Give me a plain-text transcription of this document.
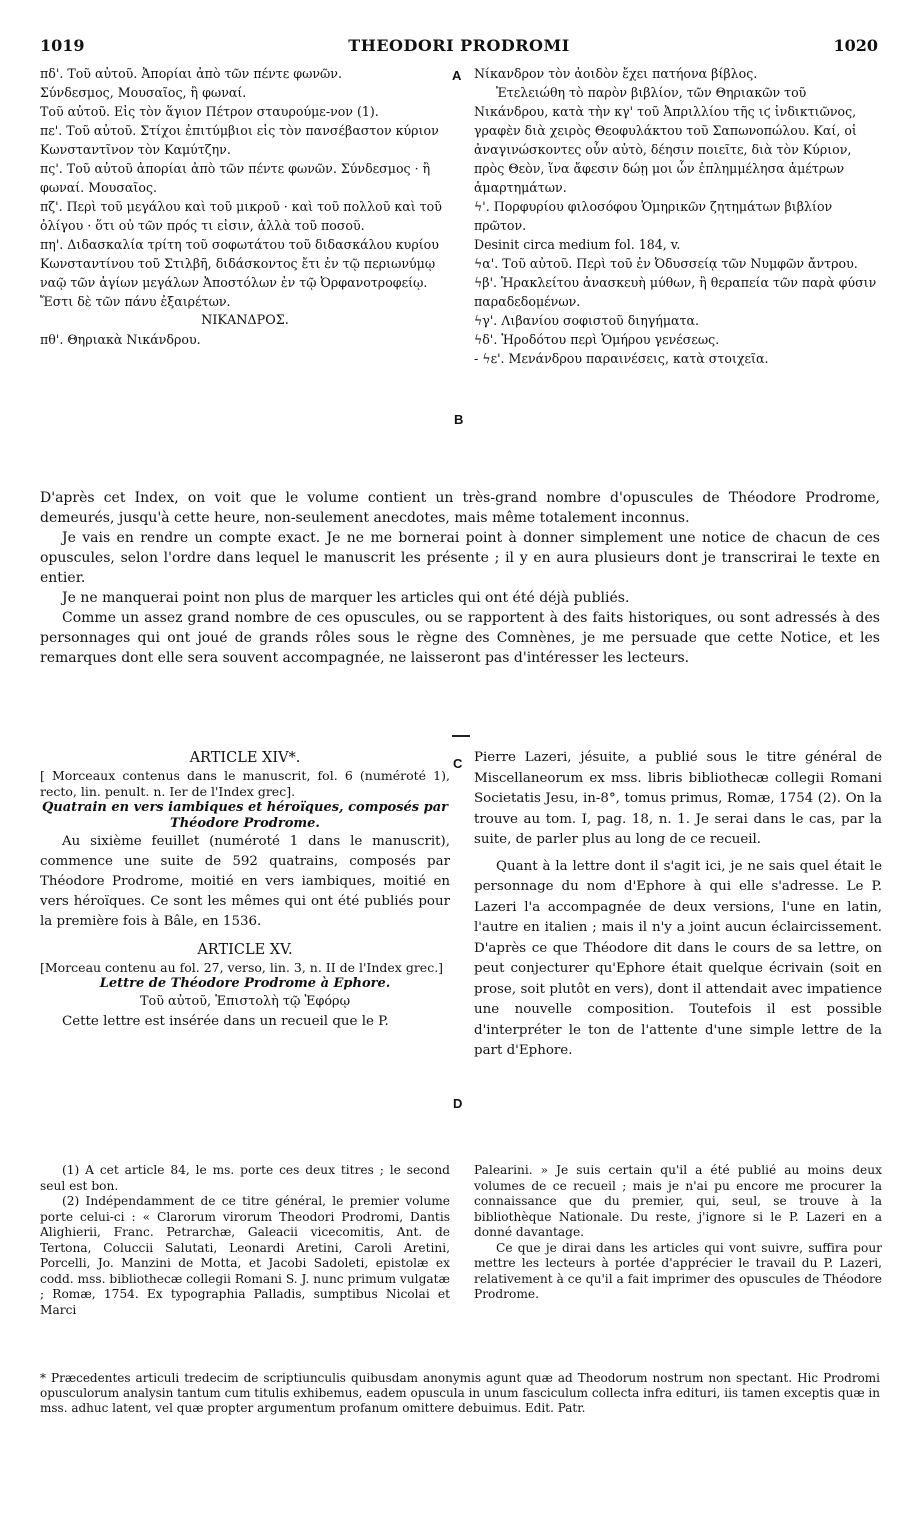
1019	THEODORI PRODROMI	1020
A
B
C
D

πδ'. Τοῦ αὐτοῦ. Ἀπορίαι ἀπὸ τῶν πέντε φωνῶν.

Σύνδεσμος, Μουσαῖος, ἢ φωναί.

Τοῦ αὐτοῦ. Εἰς τὸν ἅγιον Πέτρον σταυρούμε-νον (1).

πε'. Τοῦ αὐτοῦ. Στίχοι ἐπιτύμβιοι εἰς τὸν πανσέβαστον κύριον Κωνσταντῖνον τὸν Καμύτζην.

πς'. Τοῦ αὐτοῦ ἀπορίαι ἀπὸ τῶν πέντε φωνῶν. Σύνδεσμος · ἢ φωναί. Μουσαῖος.

πζ'. Περὶ τοῦ μεγάλου καὶ τοῦ μικροῦ · καὶ τοῦ πολλοῦ καὶ τοῦ ὀλίγου · ὅτι οὐ τῶν πρός τι εἰσιν, ἀλλὰ τοῦ ποσοῦ.

πη'. Διδασκαλία τρίτη τοῦ σοφωτάτου τοῦ διδασκάλου κυρίου Κωνσταντίνου τοῦ Στιλβῆ, διδάσκοντος ἔτι ἐν τῷ περιωνύμῳ ναῷ τῶν ἁγίων μεγάλων Ἀποστόλων ἐν τῷ Ὀρφανοτροφείῳ. Ἔστι δὲ τῶν πάνυ ἐξαιρέτων.

ΝΙΚΑΝΔΡΟΣ.

πθ'. Θηριακὰ Νικάνδρου.

Νίκανδρον τὸν ἀοιδὸν ἔχει πατήονα βίβλος.

Ἐτελειώθη τὸ παρὸν βιβλίον, τῶν Θηριακῶν τοῦ Νικάνδρου, κατὰ τὴν κγ' τοῦ Ἀπριλλίου τῆς ιϛ ἰνδικτιῶνος, γραφὲν διὰ χειρὸς Θεοφυλάκτου τοῦ Σαπωνοπώλου. Καί, οἱ ἀναγινώσκοντες οὖν αὐτὸ, δέησιν ποιεῖτε, διὰ τὸν Κύριον, πρὸς Θεὸν, ἵνα ἄφεσιν δώῃ μοι ὧν ἐπλημμέλησα ἁμέτρων ἁμαρτημάτων.

ϟ'. Πορφυρίου φιλοσόφου Ὁμηρικῶν ζητημάτων βιβλίον πρῶτον.

Desinit circa medium fol. 184, v.

ϟα'. Τοῦ αὐτοῦ. Περὶ τοῦ ἐν Ὀδυσσείᾳ τῶν Νυμφῶν ἄντρου.

ϟβ'. Ἡρακλείτου ἀνασκευὴ μύθων, ἢ θεραπεία τῶν παρὰ φύσιν παραδεδομένων.

ϟγ'. Λιβανίου σοφιστοῦ διηγήματα.

ϟδ'. Ἡροδότου περὶ Ὁμήρου γενέσεως.

- ϟε'. Μενάνδρου παραινέσεις, κατὰ στοιχεῖα.

D'après cet Index, on voit que le volume contient un très-grand nombre d'opuscules de Théodore Prodrome, demeurés, jusqu'à cette heure, non-seulement anecdotes, mais même totalement inconnus.

Je vais en rendre un compte exact. Je ne me bornerai point à donner simplement une notice de chacun de ces opuscules, selon l'ordre dans lequel le manuscrit les présente ; il y en aura plusieurs dont je transcrirai le texte en entier.

Je ne manquerai point non plus de marquer les articles qui ont été déjà publiés.

Comme un assez grand nombre de ces opuscules, ou se rapportent à des faits historiques, ou sont adressés à des personnages qui ont joué de grands rôles sous le règne des Comnènes, je me persuade que cette Notice, et les remarques dont elle sera souvent accompagnée, ne laisseront pas d'intéresser les lecteurs.

ARTICLE XIV*.

[ Morceaux contenus dans le manuscrit, fol. 6 (numéroté 1), recto, lin. penult. n. Ier de l'Index grec].

Quatrain en vers iambiques et héroïques, composés par Théodore Prodrome.

Au sixième feuillet (numéroté 1 dans le manuscrit), commence une suite de 592 quatrains, composés par Théodore Prodrome, moitié en vers iambiques, moitié en vers héroïques. Ce sont les mêmes qui ont été publiés pour la première fois à Bâle, en 1536.

ARTICLE XV.

[Morceau contenu au fol. 27, verso, lin. 3, n. II de l'Index grec.]

Lettre de Théodore Prodrome à Ephore.

Τοῦ αὐτοῦ, Ἐπιστολὴ τῷ Ἐφόρῳ

Cette lettre est insérée dans un recueil que le P.

Pierre Lazeri, jésuite, a publié sous le titre général de Miscellaneorum ex mss. libris bibliothecæ collegii Romani Societatis Jesu, in-8°, tomus primus, Romæ, 1754 (2). On la trouve au tom. I, pag. 18, n. 1. Je serai dans le cas, par la suite, de parler plus au long de ce recueil.

Quant à la lettre dont il s'agit ici, je ne sais quel était le personnage du nom d'Ephore à qui elle s'adresse. Le P. Lazeri l'a accompagnée de deux versions, l'une en latin, l'autre en italien ; mais il n'y a joint aucun éclaircissement. D'après ce que Théodore dit dans le cours de sa lettre, on peut conjecturer qu'Ephore était quelque écrivain (soit en prose, soit plutôt en vers), dont il attendait avec impatience une nouvelle composition. Toutefois il est possible d'interpréter le ton de l'attente d'une simple lettre de la part d'Ephore.

(1) A cet article 84, le ms. porte ces deux titres ; le second seul est bon.

(2) Indépendamment de ce titre général, le premier volume porte celui-ci : « Clarorum virorum Theodori Prodromi, Dantis Alighierii, Franc. Petrarchæ, Galeacii vicecomitis, Ant. de Tertona, Coluccii Salutati, Leonardi Aretini, Caroli Aretini, Porcelli, Jo. Manzini de Motta, et Jacobi Sadoleti, epistolæ ex codd. mss. bibliothecæ collegii Romani S. J. nunc primum vulgatæ ; Romæ, 1754. Ex typographia Palladis, sumptibus Nicolai et Marci

Palearini. » Je suis certain qu'il a été publié au moins deux volumes de ce recueil ; mais je n'ai pu encore me procurer la connaissance que du premier, qui, seul, se trouve à la bibliothèque Nationale. Du reste, j'ignore si le P. Lazeri en a donné davantage.

Ce que je dirai dans les articles qui vont suivre, suffira pour mettre les lecteurs à portée d'apprécier le travail du P. Lazeri, relativement à ce qu'il a fait imprimer des opuscules de Théodore Prodrome.

* Præcedentes articuli tredecim de scriptiunculis quibusdam anonymis agunt quæ ad Theodorum nostrum non spectant. Hic Prodromi opusculorum analysin tantum cum titulis exhibemus, eadem opuscula in unum fasciculum collecta infra edituri, iis tamen exceptis quæ in mss. adhuc latent, vel quæ propter argumentum profanum omittere debuimus. Edit. Patr.
